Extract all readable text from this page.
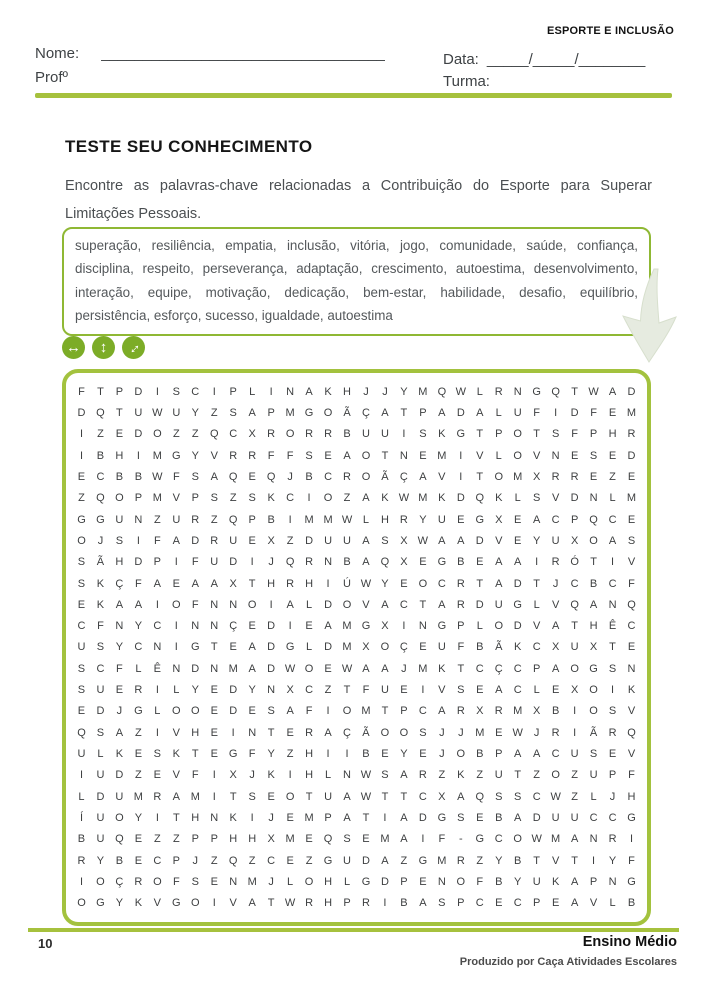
ESPORTE E INCLUSÃO
Nome: __________________________________
Profº
Data: _____/_____/________
Turma:
TESTE SEU CONHECIMENTO
Encontre as palavras-chave relacionadas a Contribuição do Esporte para Superar Limitações Pessoais.
superação, resiliência, empatia, inclusão, vitória, jogo, comunidade, saúde, confiança, disciplina, respeito, perseverança, adaptação, crescimento, autoestima, desenvolvimento, interação, equipe, motivação, dedicação, bem-estar, habilidade, desafio, equilíbrio, persistência, esforço, sucesso, igualdade, autoestima
↔ ↕ ↔
F	T	P	D	I	S	C	I	P	L	I	N	A	K	H	J	J	Y M Q W L	R	N G Q	T W A	D
D Q	T	U W U	Y	Z	S	A	P M G O	Ã	Ç	A	T	P	A	D	A	L	U	F	I	D	F	E M
I	Z	E	D O	Z	Z	Q C	X	R O R	R	B	U	U	I	S	K	G	T	P	O	T	S	F	P	H	R
I	B	H	I	M G	Y	V	R	R	F	F	S	E	A	O	T	N	E M	I	V	L	O	V	N	E	S	E	D
E	C	B	B W F	S	A	Q	E	Q	J	B	C	R O	Ã	Ç	A	V	I	T	O M X	R	R	E	Z	E
Z	Q O	P M V	P	S	Z	S	K	C	I	O	Z	A	K W M K	D Q	K	L	S	V	D	N	L	M
G G U	N	Z	U	R	Z	Q	P	B	I	M M W L	H	R	Y	U	E	G	X	E	A	C	P	Q C	E
O	J	S	I	F	A	D	R	U	E	X	Z	D	U	U	A	S	X W A	A	D	V	E	Y	U	X	O	A	S
S	Ã	H	D	P	I	F	U	D	I	J	Q R	N	B	A	Q	X	E	G	B	E	A	A	I	R Ó	T	I	V
S	K	Ç	F	A	E	A	A	X	T	H	R	H	I	Ú W Y	E	O C	R	T	A	D	T	J	C	B	C	F
E	K	A	A	I	O	F	N	N O	I	A	L	D O	V	A	C	T	A	R	D	U G	L	V	Q	A	N Q
C	F	N	Y	C	I	N	N	Ç	E	D	I	E	A M G	X	I	N G	P	L	O D	V	A	T	H	Ê	C
U	S	Y	C	N	I	G	T	E	A	D G	L	D M X	O Ç	E	U	F	B	Ã	K	C	X	U	X	T	E
S	C	F	L	Ê	N	D	N M A	D W O	E W A	A	J	M K	T	C	Ç	C	P	A	O G	S	N
S	U	E	R	I	L	Y	E	D	Y	N	X	C	Z	T	F	U	E	I	V	S	E	A	C	L	E	X	O	I	K
E	D	J	G	L	O O	E	D	E	S	A	F	I	O M	T	P	C	A	R	X	R M X	B	I	O	S	V
Q	S	A	Z	I	V	H	E	I	N	T	E	R	A	Ç	Ã	O O	S	J	J	M E W	J	R	I	Ã	R Q
U	L	K	E	S	K	T	E	G	F	Y	Z	H	I	I	B	E	Y	E	J	O	B	P	A	A	C	U	S	E	V
I	U	D	Z	E	V	F	I	X	J	K	I	H	L	N W S	A	R	Z	K	Z	U	T	Z	O	Z	U	P	F
L	D	U M R	A M	I	T	S	E	O	T	U	A W T	T	C	X	A	Q	S	S	C W Z	L	J	H
Í	U O	Y	I	T	H	N	K	I	J	E M P	A	T	I	A	D G	S	E	B	A	D	U	U	C	C G
B	U Q	E	Z	Z	P	P	H	H	X M E	Q	S	E M A	I	F	-	G C O W M A	N	R	I
R	Y	B	E	C	P	J	Z	Q	Z	C	E	Z	G U	D	A	Z	G M R	Z	Y	B	T	V	T	I	Y	F
I	O Ç	R O	F	S	E	N M	J	L	O H	L	G D	P	E	N O	F	B	Y	U	K	A	P	N G
O G	Y	K	V	G O	I	V	A	T W R	H	P	R	I	B	A	S	P	C	E	C	P	E	A	V	L	B
10	Ensino Médio
Produzido por Caça Atividades Escolares
